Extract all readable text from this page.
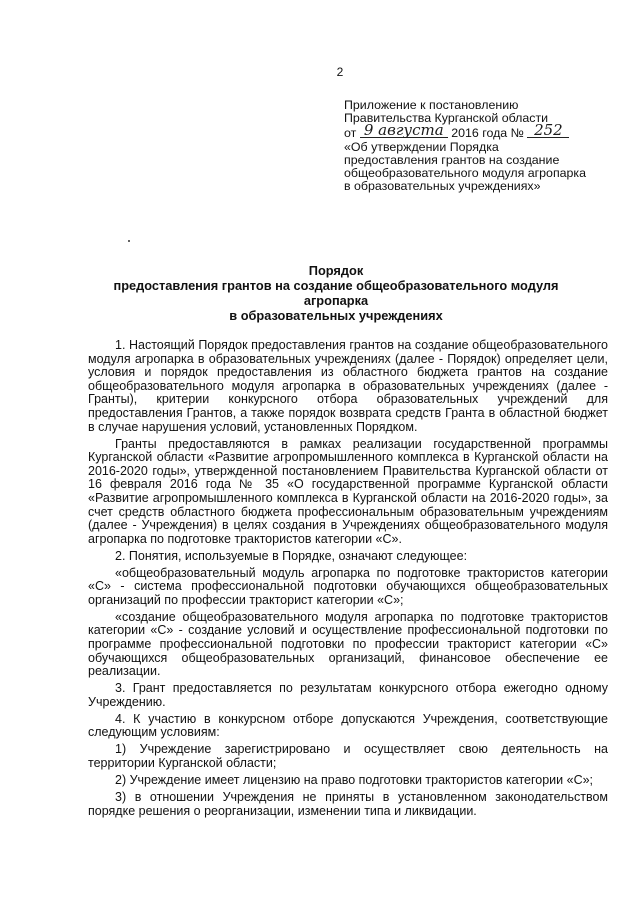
2
Приложение к постановлению
Правительства Курганской области
от 9 августа 2016 года № 252
«Об утверждении Порядка
предоставления грантов на создание
общеобразовательного модуля агропарка
в образовательных учреждениях»
Порядок
предоставления грантов на создание общеобразовательного модуля агропарка
в образовательных учреждениях

1. Настоящий Порядок предоставления грантов на создание общеобразовательного модуля агропарка в образовательных учреждениях (далее - Порядок) определяет цели, условия и порядок предоставления из областного бюджета грантов на создание общеобразовательного модуля агропарка в образовательных учреждениях (далее - Гранты), критерии конкурсного отбора образовательных учреждений для предоставления Грантов, а также порядок возврата средств Гранта в областной бюджет в случае нарушения условий, установленных Порядком.

Гранты предоставляются в рамках реализации государственной программы Курганской области «Развитие агропромышленного комплекса в Курганской области на 2016-2020 годы», утвержденной постановлением Правительства Курганской области от 16 февраля 2016 года № 35 «О государственной программе Курганской области «Развитие агропромышленного комплекса в Курганской области на 2016-2020 годы», за счет средств областного бюджета профессиональным образовательным учреждениям (далее - Учреждения) в целях создания в Учреждениях общеобразовательного модуля агропарка по подготовке трактористов категории «С».

2. Понятия, используемые в Порядке, означают следующее:

«общеобразовательный модуль агропарка по подготовке трактористов категории «С» - система профессиональной подготовки обучающихся общеобразовательных организаций по профессии тракторист категории «С»;

«создание общеобразовательного модуля агропарка по подготовке трактористов категории «С» - создание условий и осуществление профессиональной подготовки по программе профессиональной подготовки по профессии тракторист категории «С» обучающихся общеобразовательных организаций, финансовое обеспечение ее реализации.

3. Грант предоставляется по результатам конкурсного отбора ежегодно одному Учреждению.

4. К участию в конкурсном отборе допускаются Учреждения, соответствующие следующим условиям:

1) Учреждение зарегистрировано и осуществляет свою деятельность на территории Курганской области;

2) Учреждение имеет лицензию на право подготовки трактористов категории «С»;

3) в отношении Учреждения не приняты в установленном законодательством порядке решения о реорганизации, изменении типа и ликвидации.
